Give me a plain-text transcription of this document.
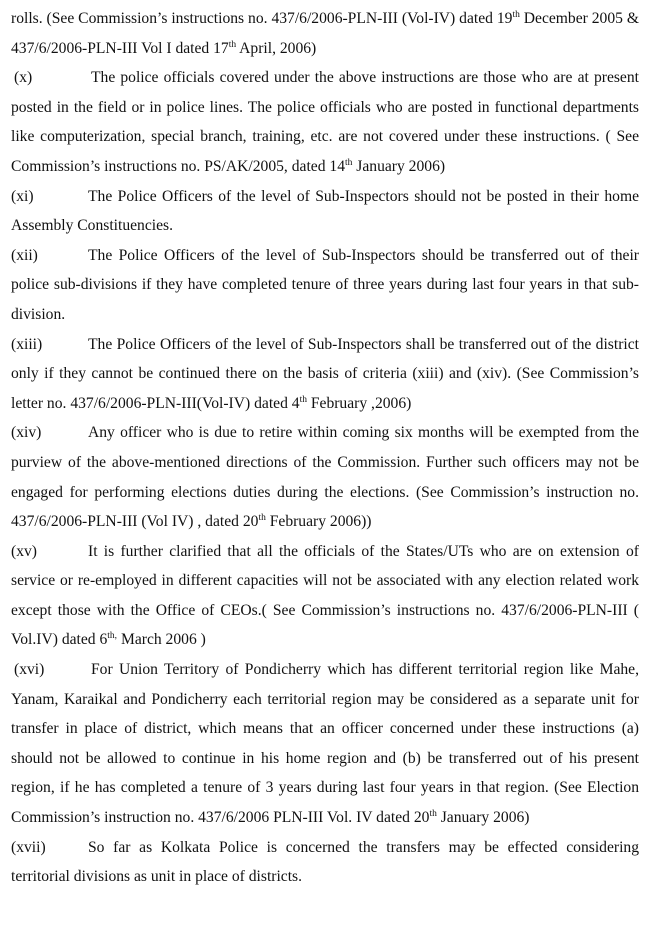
rolls. (See Commission’s instructions no. 437/6/2006-PLN-III (Vol-IV) dated 19th December 2005 & 437/6/2006-PLN-III Vol I dated 17th April, 2006)

(x)	The police officials covered under the above instructions are those who are at present posted in the field or in police lines. The police officials who are posted in functional departments like computerization, special branch, training, etc. are not covered under these instructions. ( See Commission’s instructions no. PS/AK/2005, dated 14th January 2006)

(xi)	The Police Officers of the level of Sub-Inspectors should not be posted in their home Assembly Constituencies.

(xii)	The Police Officers of the level of Sub-Inspectors should be transferred out of their police sub-divisions if they have completed tenure of three years during last four years in that sub-division.

(xiii)	The Police Officers of the level of Sub-Inspectors shall be transferred out of the district only if they cannot be continued there on the basis of criteria (xiii) and (xiv). (See Commission’s letter no. 437/6/2006-PLN-III(Vol-IV) dated 4th February ,2006)

(xiv)	Any officer who is due to retire within coming six months will be exempted from the purview of the above-mentioned directions of the Commission. Further such officers may not be engaged for performing elections duties during the elections. (See Commission’s instruction no. 437/6/2006-PLN-III (Vol IV) , dated 20th February 2006))

(xv)	It is further clarified that all the officials of the States/UTs who are on extension of service or re-employed in different capacities will not be associated with any election related work except those with the Office of CEOs.( See Commission’s instructions no. 437/6/2006-PLN-III ( Vol.IV) dated $6^{th,}$ March 2006 )

(xvi)	For Union Territory of Pondicherry which has different territorial region like Mahe, Yanam, Karaikal and Pondicherry each territorial region may be considered as a separate unit for transfer in place of district, which means that an officer concerned under these instructions (a) should not be allowed to continue in his home region and (b) be transferred out of his present region, if he has completed a tenure of 3 years during last four years in that region. (See Election Commission’s instruction no. 437/6/2006 PLN-III Vol. IV dated 20th January 2006)

(xvii)	So far as Kolkata Police is concerned the transfers may be effected considering territorial divisions as unit in place of districts.
